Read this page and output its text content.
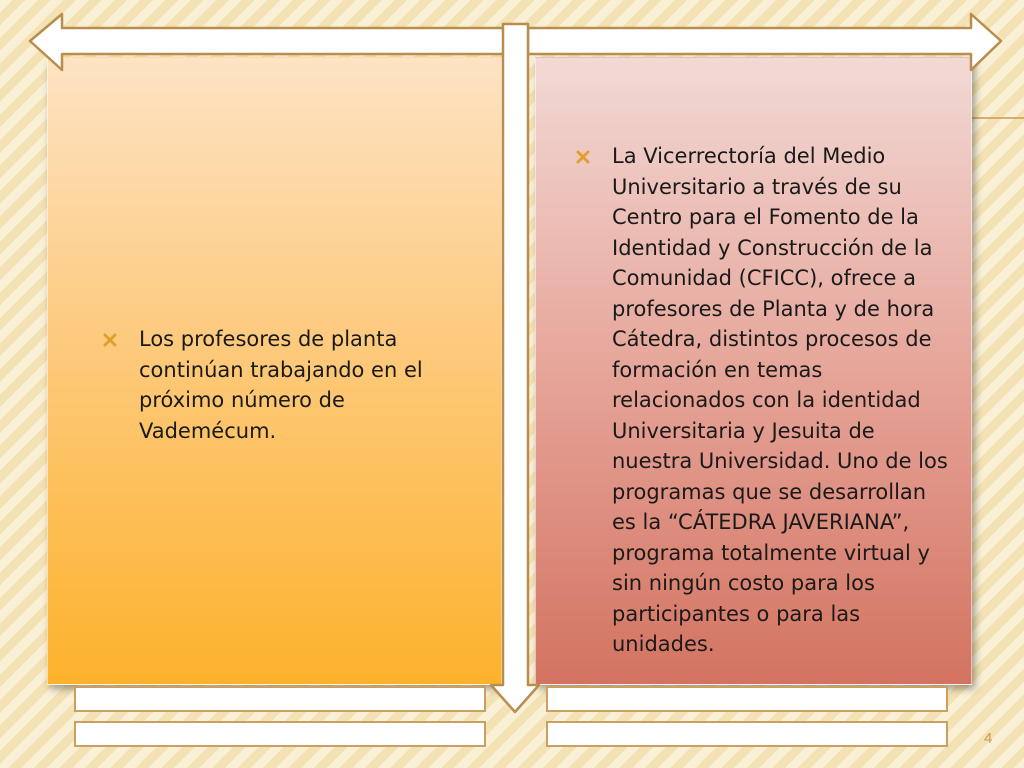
Los profesores de planta continúan trabajando en el próximo número de Vademécum.
La Vicerrectoría del Medio Universitario a través de su Centro para el Fomento de la Identidad y Construcción de la Comunidad (CFICC), ofrece a profesores de Planta y de hora Cátedra, distintos procesos de formación en temas relacionados con la identidad Universitaria y Jesuita de nuestra Universidad. Uno de los programas que se desarrollan es la “CÁTEDRA JAVERIANA”, programa totalmente virtual y sin ningún costo para los participantes o para las unidades.
4
